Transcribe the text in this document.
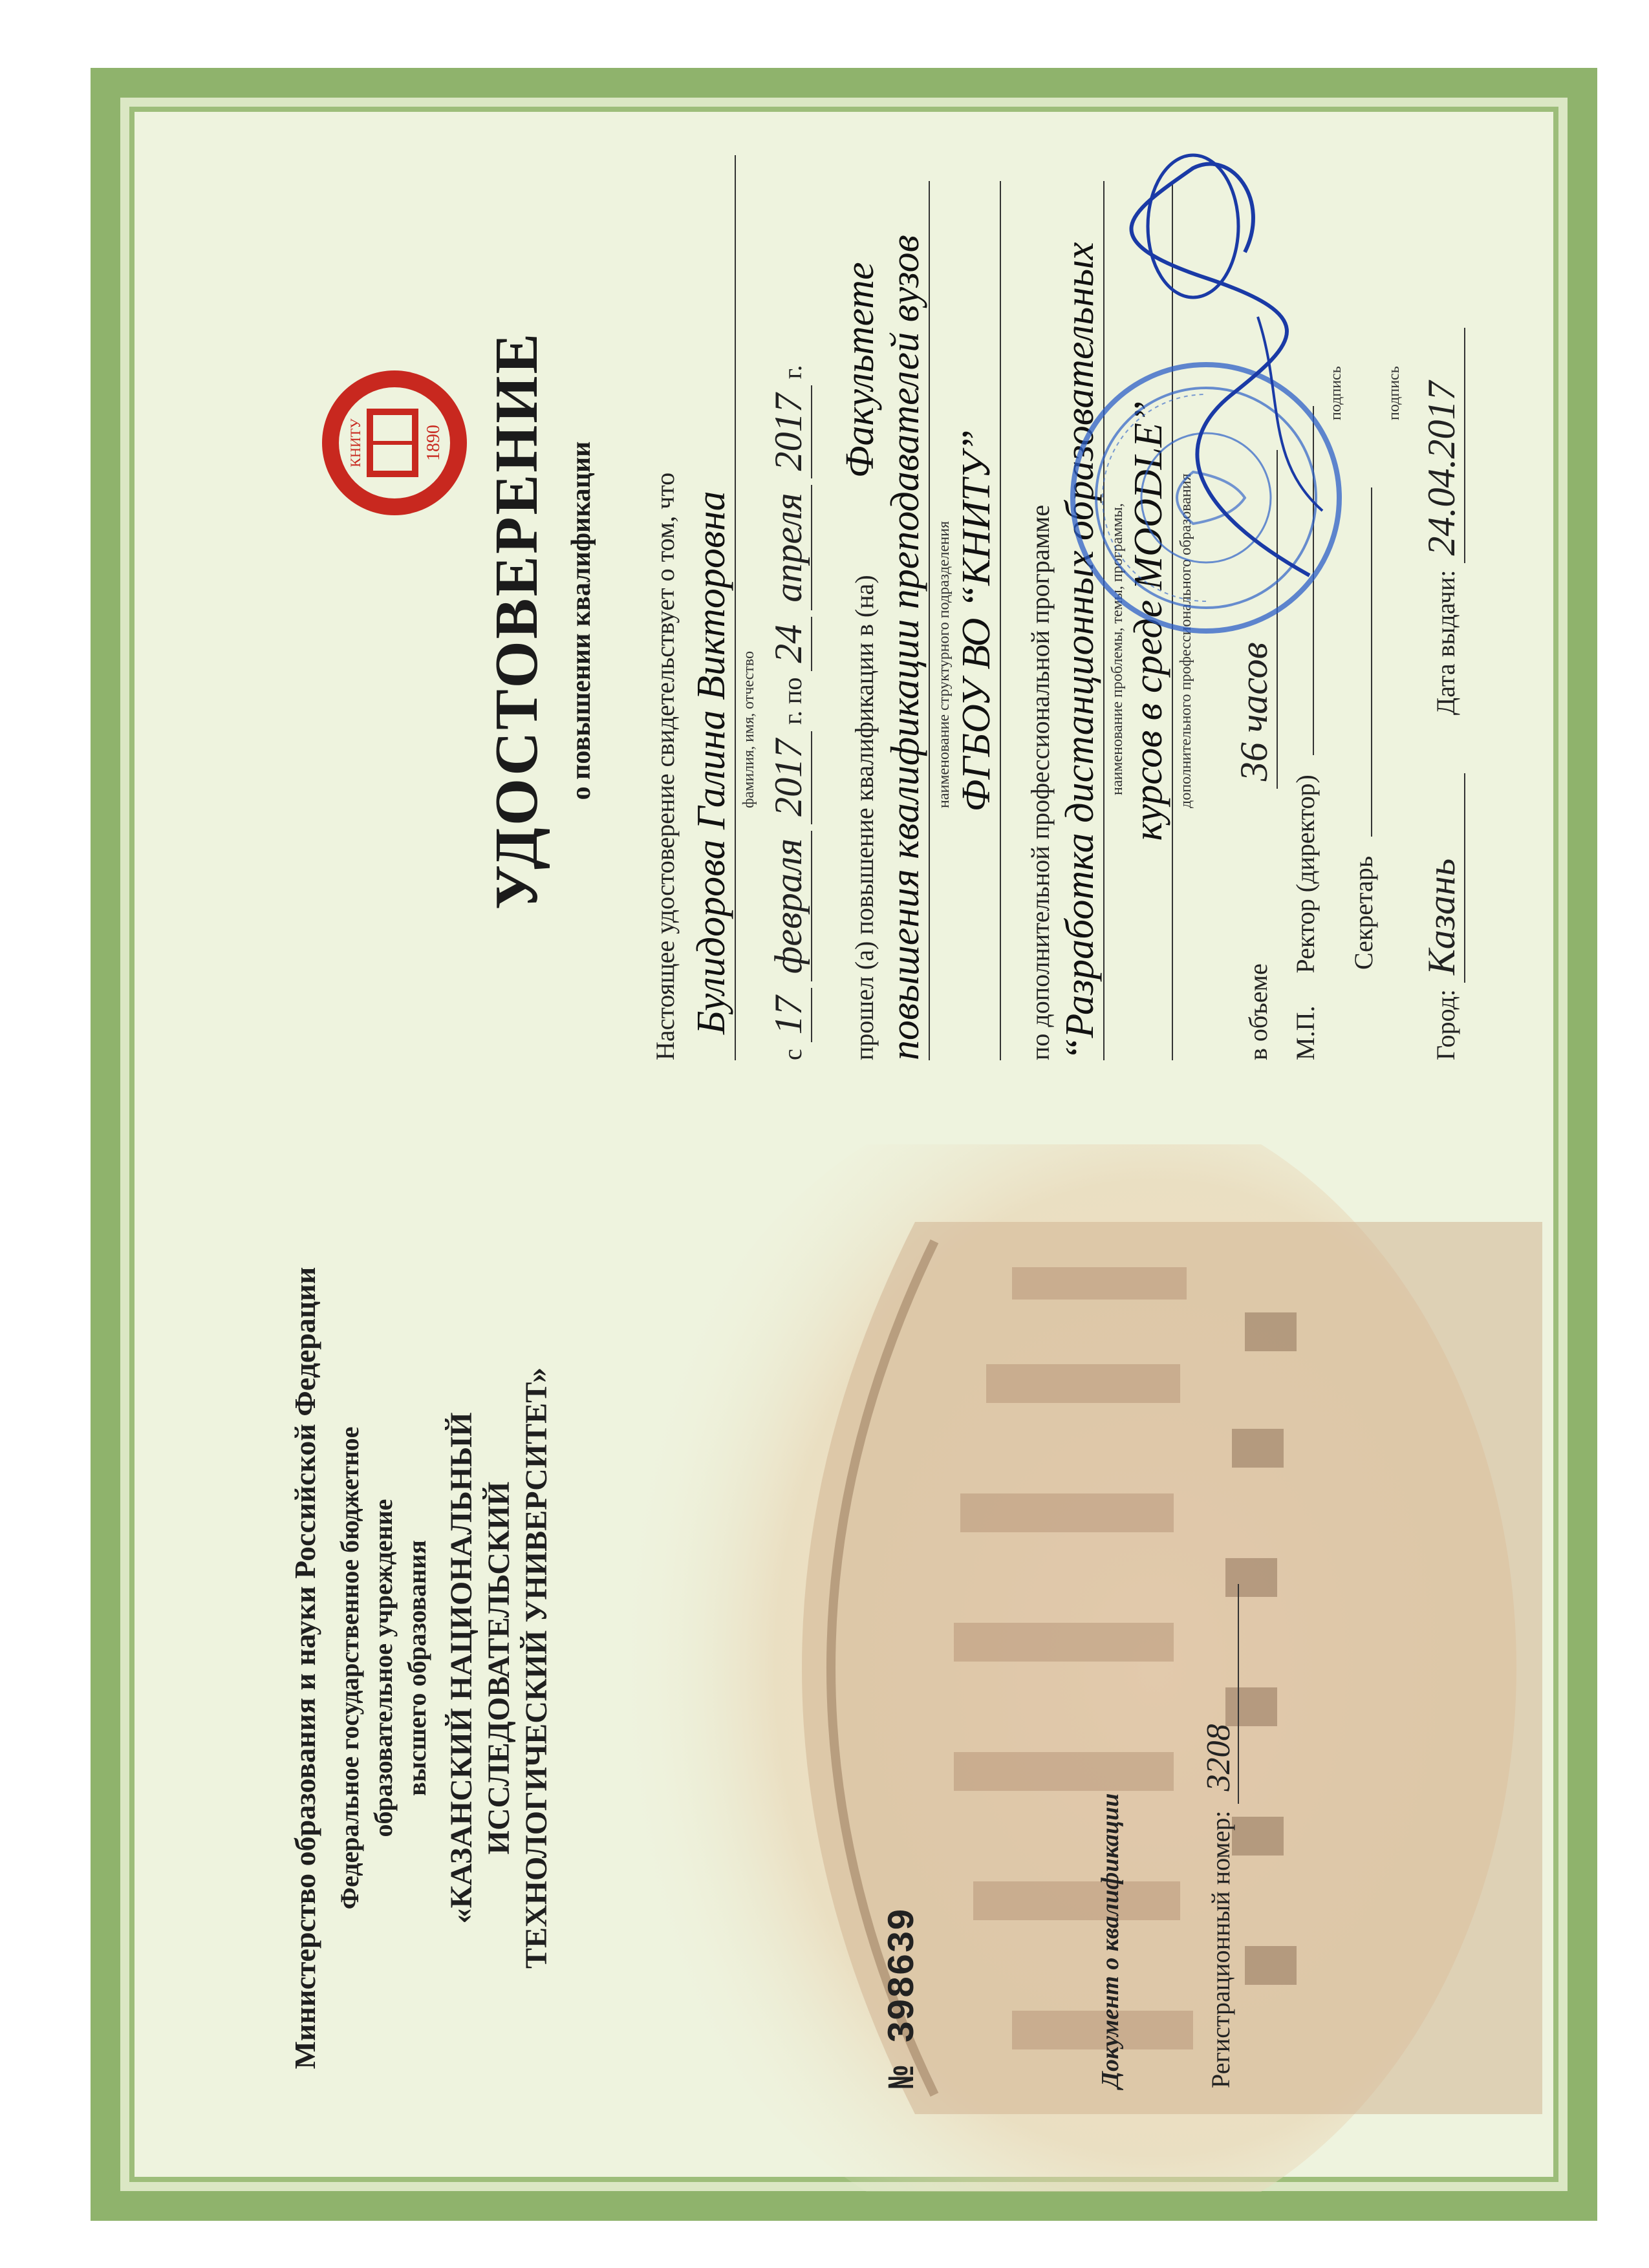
Министерство образования и науки Российской Федерации Федеральное государственное бюджетное образовательное учреждение высшего образования «КАЗАНСКИЙ НАЦИОНАЛЬНЫЙ ИССЛЕДОВАТЕЛЬСКИЙ ТЕХНОЛОГИЧЕСКИЙ УНИВЕРСИТЕТ»
№ 398639	Документ о квалификации	Регистрационный номер: 3208
1890
КНИТУ УДОСТОВЕРЕНИЕ о повышении квалификации Настоящее удостоверение свидетельствует о том, что Булидорова Галина Викторовна фамилия, имя, отчество
с 17 февраля 2017 г. по 24 апреля 2017 г.
прошел (а) повышение квалификации в (на) Факультете повышения квалификации преподавателей вузов наименование структурного подразделения ФГБОУ ВО “КНИТУ” по дополнительной профессиональной программе “Разработка дистанционных образовательных наименование проблемы, темы, программы, курсов в среде MOODLE” дополнительного профессионального образования
в объеме 36 часов
М.П. Ректор (директор)
подпись
Секретарь
подпись
Город: Казань Дата выдачи: 24.04.2017
